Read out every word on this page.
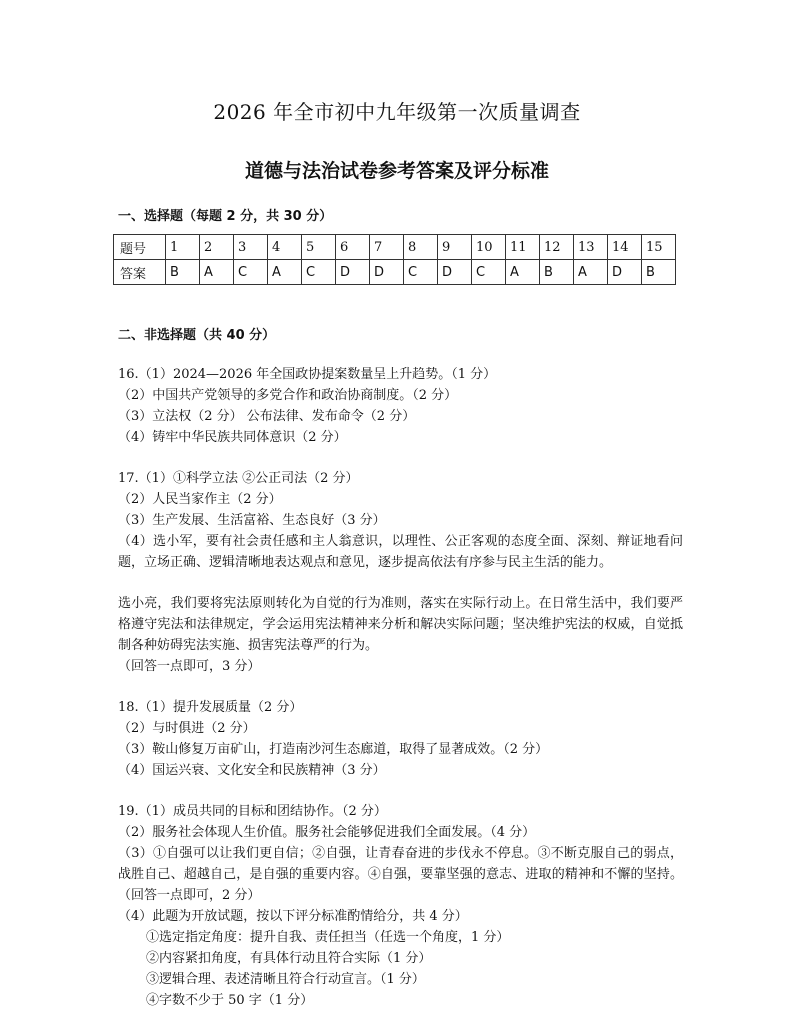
2026 年全市初中九年级第一次质量调查
道德与法治试卷参考答案及评分标准
一、选择题（每题 2 分，共 30 分）
题号	1	2	3	4	5	6	7	8	9	10	11	12	13	14	15
答案	B	A	C	A	C	D	D	C	D	C	A	B	A	D	B
二、非选择题（共 40 分）
16.（1）2024—2026 年全国政协提案数量呈上升趋势。（1 分）
（2）中国共产党领导的多党合作和政治协商制度。（2 分）
（3）立法权（2 分） 公布法律、发布命令（2 分）
（4）铸牢中华民族共同体意识（2 分）
17.（1）①科学立法 ②公正司法（2 分）
（2）人民当家作主（2 分）
（3）生产发展、生活富裕、生态良好（3 分）
（4）选小军，要有社会责任感和主人翁意识，以理性、公正客观的态度全面、深刻、辩证地看问题，立场正确、逻辑清晰地表达观点和意见，逐步提高依法有序参与民主生活的能力。
选小亮，我们要将宪法原则转化为自觉的行为准则，落实在实际行动上。在日常生活中，我们要严格遵守宪法和法律规定，学会运用宪法精神来分析和解决实际问题；坚决维护宪法的权威，自觉抵制各种妨碍宪法实施、损害宪法尊严的行为。
（回答一点即可，3 分）
18.（1）提升发展质量（2 分）
（2）与时俱进（2 分）
（3）鞍山修复万亩矿山，打造南沙河生态廊道，取得了显著成效。（2 分）
（4）国运兴衰、文化安全和民族精神（3 分）
19.（1）成员共同的目标和团结协作。（2 分）
（2）服务社会体现人生价值。服务社会能够促进我们全面发展。（4 分）
（3）①自强可以让我们更自信；②自强，让青春奋进的步伐永不停息。③不断克服自己的弱点，战胜自己、超越自己，是自强的重要内容。④自强，要靠坚强的意志、进取的精神和不懈的坚持。（回答一点即可，2 分）
（4）此题为开放试题，按以下评分标准酌情给分，共 4 分）
①选定指定角度：提升自我、责任担当（任选一个角度，1 分）
②内容紧扣角度，有具体行动且符合实际（1 分）
③逻辑合理、表述清晰且符合行动宣言。（1 分）
④字数不少于 50 字（1 分）
